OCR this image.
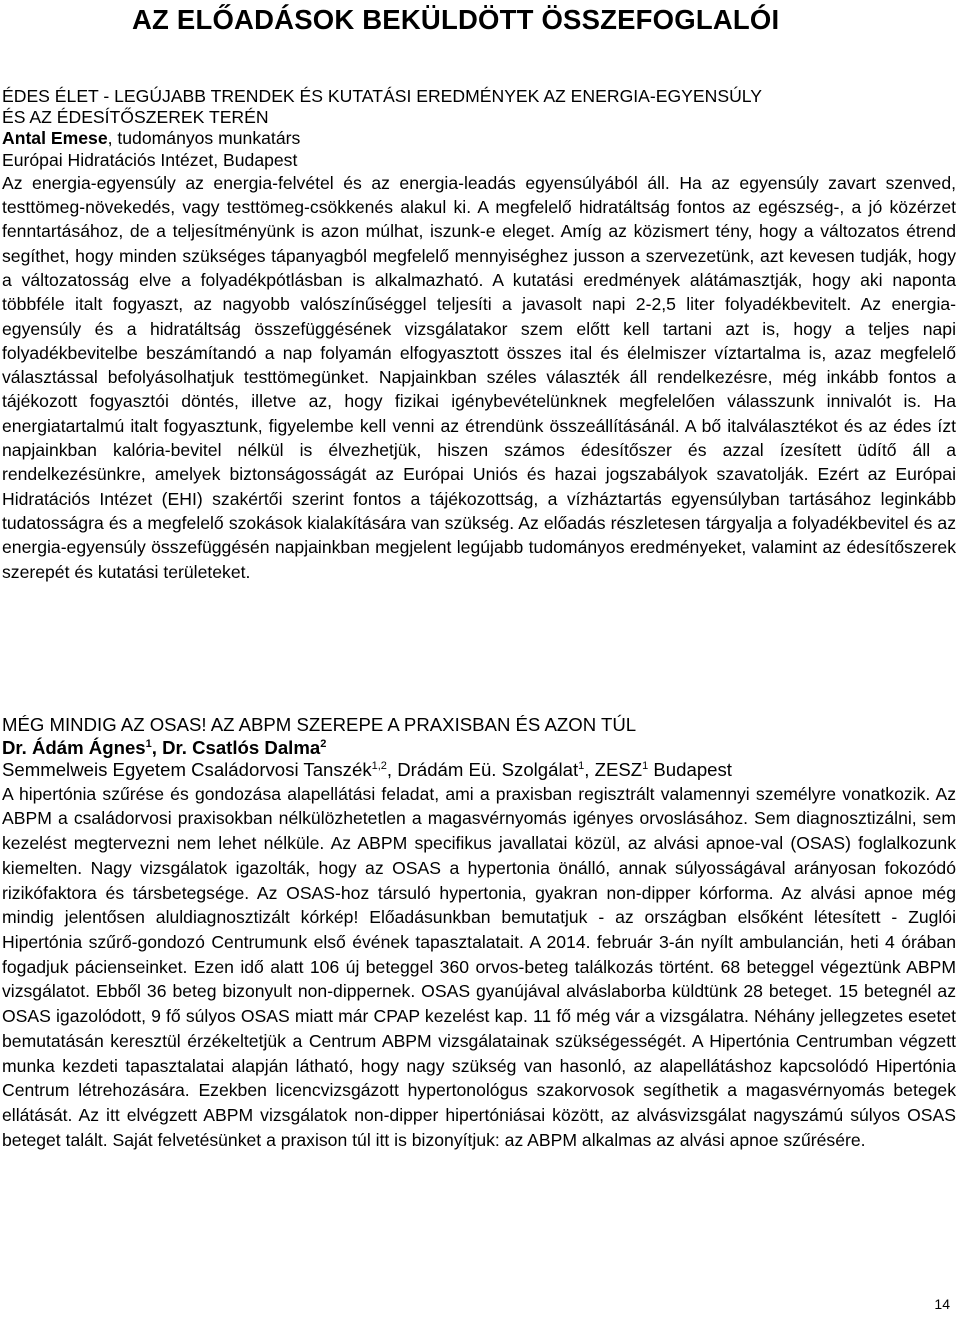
AZ ELŐADÁSOK BEKÜLDÖTT ÖSSZEFOGLALÓI
ÉDES ÉLET - LEGÚJABB TRENDEK ÉS KUTATÁSI EREDMÉNYEK AZ ENERGIA-EGYENSÚLY
ÉS AZ ÉDESÍTŐSZEREK TERÉN
Antal Emese, tudományos munkatárs
Európai Hidratációs Intézet, Budapest

Az energia-egyensúly az energia-felvétel és az energia-leadás egyensúlyából áll. Ha az egyensúly zavart szenved, testtömeg-növekedés, vagy testtömeg-csökkenés alakul ki. A megfelelő hidratáltság fontos az egészség-, a jó közérzet fenntartásához, de a teljesítményünk is azon múlhat, iszunk-e eleget. Amíg az közismert tény, hogy a változatos étrend segíthet, hogy minden szükséges tápanyagból megfelelő mennyiséghez jusson a szervezetünk, azt kevesen tudják, hogy a változatosság elve a folyadékpótlásban is alkalmazható. A kutatási eredmények alátámasztják, hogy aki naponta többféle italt fogyaszt, az nagyobb valószínűséggel teljesíti a javasolt napi 2-2,5 liter folyadékbevitelt. Az energia-egyensúly és a hidratáltság összefüggésének vizsgálatakor szem előtt kell tartani azt is, hogy a teljes napi folyadékbevitelbe beszámítandó a nap folyamán elfogyasztott összes ital és élelmiszer víztartalma is, azaz megfelelő választással befolyásolhatjuk testtömegünket. Napjainkban széles választék áll rendelkezésre, még inkább fontos a tájékozott fogyasztói döntés, illetve az, hogy fizikai igénybevételünknek megfelelően válasszunk innivalót is. Ha energiatartalmú italt fogyasztunk, figyelembe kell venni az étrendünk összeállításánál. A bő italválasztékot és az édes ízt napjainkban kalória-bevitel nélkül is élvezhetjük, hiszen számos édesítőszer és azzal ízesített üdítő áll a rendelkezésünkre, amelyek biztonságosságát az Európai Uniós és hazai jogszabályok szavatolják. Ezért az Európai Hidratációs Intézet (EHI) szakértői szerint fontos a tájékozottság, a vízháztartás egyensúlyban tartásához leginkább tudatosságra és a megfelelő szokások kialakítására van szükség. Az előadás részletesen tárgyalja a folyadékbevitel és az energia-egyensúly összefüggésén napjainkban megjelent legújabb tudományos eredményeket, valamint az édesítőszerek szerepét és kutatási területeket.

MÉG MINDIG AZ OSAS! AZ ABPM SZEREPE A PRAXISBAN ÉS AZON TÚL
Dr. Ádám Ágnes$^1$, Dr. Csatlós Dalma$^2$
Semmelweis Egyetem Családorvosi Tanszék$^{1,2}$, Drádám Eü. Szolgálat$^1$, ZESZ$^1$ Budapest

A hipertónia szűrése és gondozása alapellátási feladat, ami a praxisban regisztrált valamennyi személyre vonatkozik. Az ABPM a családorvosi praxisokban nélkülözhetetlen a magasvérnyomás igényes orvoslásához. Sem diagnosztizálni, sem kezelést megtervezni nem lehet nélküle. Az ABPM specifikus javallatai közül, az alvási apnoe-val (OSAS) foglalkozunk kiemelten. Nagy vizsgálatok igazolták, hogy az OSAS a hypertonia önálló, annak súlyosságával arányosan fokozódó rizikófaktora és társbetegsége. Az OSAS-hoz társuló hypertonia, gyakran non-dipper kórforma. Az alvási apnoe még mindig jelentősen aluldiagnosztizált kórkép! Előadásunkban bemutatjuk - az országban elsőként létesített - Zuglói Hipertónia szűrő-gondozó Centrumunk első évének tapasztalatait. A 2014. február 3-án nyílt ambulancián, heti 4 órában fogadjuk pácienseinket. Ezen idő alatt 106 új beteggel 360 orvos-beteg találkozás történt. 68 beteggel végeztünk ABPM vizsgálatot. Ebből 36 beteg bizonyult non-dippernek. OSAS gyanújával alváslaborba küldtünk 28 beteget. 15 betegnél az OSAS igazolódott, 9 fő súlyos OSAS miatt már CPAP kezelést kap. 11 fő még vár a vizsgálatra. Néhány jellegzetes esetet bemutatásán keresztül érzékeltetjük a Centrum ABPM vizsgálatainak szükségességét. A Hipertónia Centrumban végzett munka kezdeti tapasztalatai alapján látható, hogy nagy szükség van hasonló, az alapellátáshoz kapcsolódó Hipertónia Centrum létrehozására. Ezekben licencvizsgázott hypertonológus szakorvosok segíthetik a magasvérnyomás betegek ellátását. Az itt elvégzett ABPM vizsgálatok non-dipper hipertóniásai között, az alvásvizsgálat nagyszámú súlyos OSAS beteget talált. Saját felvetésünket a praxison túl itt is bizonyítjuk: az ABPM alkalmas az alvási apnoe szűrésére.

14
